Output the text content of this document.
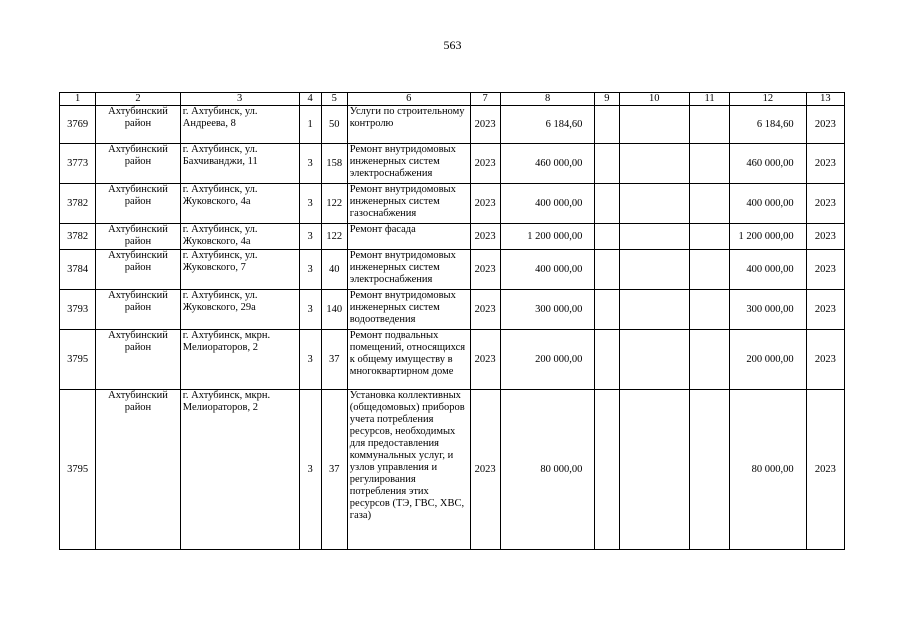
563
1	2	3	4	5	6	7	8	9	10	11	12	13
3769	Ахтубинский район	г. Ахтубинск, ул. Андреева, 8	1	50	Услуги по строительному контролю	2023	6 184,60				6 184,60	2023
3773	Ахтубинский район	г. Ахтубинск, ул. Бахчиванджи, 11	3	158	Ремонт внутридомовых инженерных систем электроснабжения	2023	460 000,00				460 000,00	2023
3782	Ахтубинский район	г. Ахтубинск, ул. Жуковского, 4а	3	122	Ремонт внутридомовых инженерных систем газоснабжения	2023	400 000,00				400 000,00	2023
3782	Ахтубинский район	г. Ахтубинск, ул. Жуковского, 4а	3	122	Ремонт фасада	2023	1 200 000,00				1 200 000,00	2023
3784	Ахтубинский район	г. Ахтубинск, ул. Жуковского, 7	3	40	Ремонт внутридомовых инженерных систем электроснабжения	2023	400 000,00				400 000,00	2023
3793	Ахтубинский район	г. Ахтубинск, ул. Жуковского, 29а	3	140	Ремонт внутридомовых инженерных систем водоотведения	2023	300 000,00				300 000,00	2023
3795	Ахтубинский район	г. Ахтубинск, мкрн. Мелиораторов, 2	3	37	Ремонт подвальных помещений, относящихся к общему имуществу в многоквартирном доме	2023	200 000,00				200 000,00	2023
3795	Ахтубинский район	г. Ахтубинск, мкрн. Мелиораторов, 2	3	37	Установка коллективных (общедомовых) приборов учета потребления ресурсов, необходимых для предоставления коммунальных услуг, и узлов управления и регулирования потребления этих ресурсов (ТЭ, ГВС, ХВС, газа)	2023	80 000,00				80 000,00	2023
